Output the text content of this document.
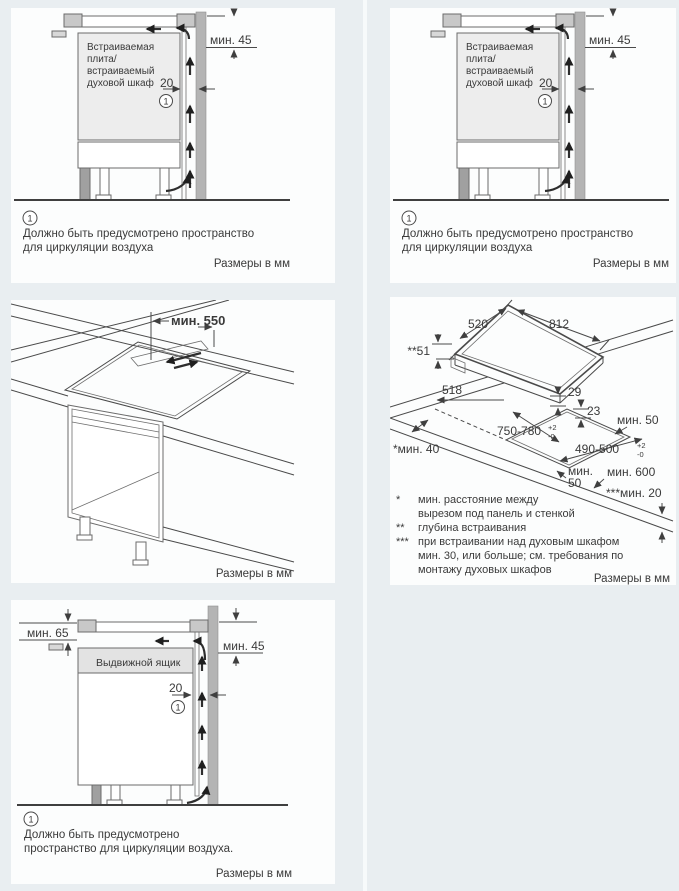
Встраиваемая
плита/
встраиваемый
духовой шкаф
мин. 45
20
1
1
Должно быть предусмотрено пространство
для циркуляции воздуха
Размеры в мм
Встраиваемая
плита/
встраиваемый
духовой шкаф
мин. 45
20
1
1
Должно быть предусмотрено пространство
для циркуляции воздуха
Размеры в мм
мин. 550
Размеры в мм
520	812
**51
518	29
23
мин. 50
750-780 +2
-0
*мин. 40	490-500 +2
-0
мин.
50
мин. 600
***мин. 20
* мин. расстояние между
вырезом под панель и стенкой
** глубина встраивания
*** при встраивании над духовым шкафом
мин. 30, или больше; см. требования по
монтажу духовых шкафов
Размеры в мм
мин. 65
мин. 45
Выдвижной ящик
20
1
1
Должно быть предусмотрено
пространство для циркуляции воздуха.
Размеры в мм
